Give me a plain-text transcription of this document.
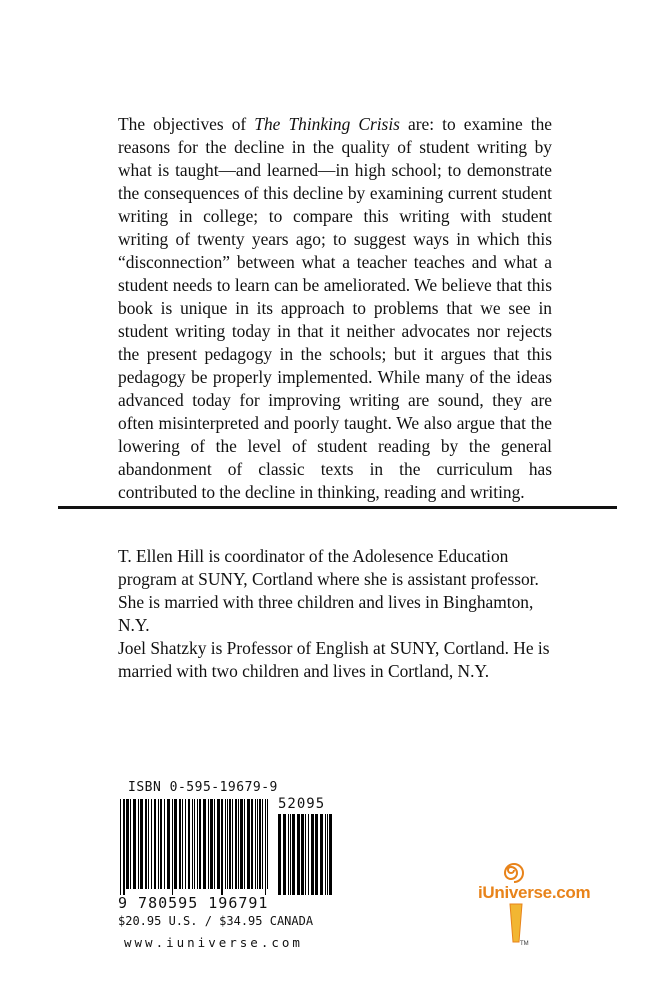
The objectives of The Thinking Crisis are: to examine the reasons for the decline in the quality of student writing by what is taught—and learned—in high school; to demonstrate the consequences of this decline by examining current student writing in college; to compare this writing with student writing of twenty years ago; to suggest ways in which this “disconnection” between what a teacher teaches and what a student needs to learn can be ameliorated. We believe that this book is unique in its approach to problems that we see in student writing today in that it neither advocates nor rejects the present pedagogy in the schools; but it argues that this pedagogy be properly implemented. While many of the ideas advanced today for improving writing are sound, they are often misinterpreted and poorly taught. We also argue that the lowering of the level of student reading by the general abandonment of classic texts in the curriculum has contributed to the decline in thinking, reading and writing.

T. Ellen Hill is coordinator of the Adolesence Education program at SUNY, Cortland where she is assistant professor. She is married with three children and lives in Binghamton, N.Y.

Joel Shatzky is Professor of English at SUNY, Cortland. He is married with two children and lives in Cortland, N.Y.

ISBN 0-595-19679-9
52095
9 780595 196791
$20.95 U.S. / $34.95 CANADA
www.iuniverse.com
iUniverse.com
TM
